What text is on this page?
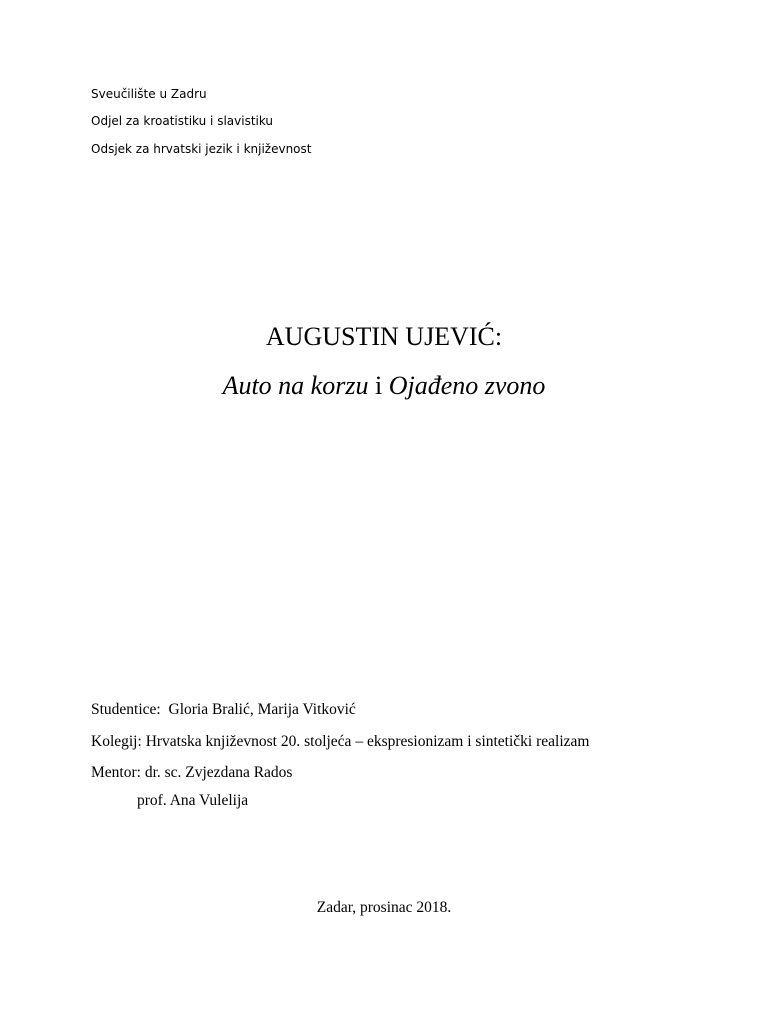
Sveučilište u Zadru
Odjel za kroatistiku i slavistiku
Odsjek za hrvatski jezik i književnost
AUGUSTIN UJEVIĆ:
Auto na korzu i Ojađeno zvono
Studentice: Gloria Bralić, Marija Vitković
Kolegij: Hrvatska književnost 20. stoljeća – ekspresionizam i sintetički realizam
Mentor: dr. sc. Zvjezdana Rados
prof. Ana Vulelija
Zadar, prosinac 2018.
